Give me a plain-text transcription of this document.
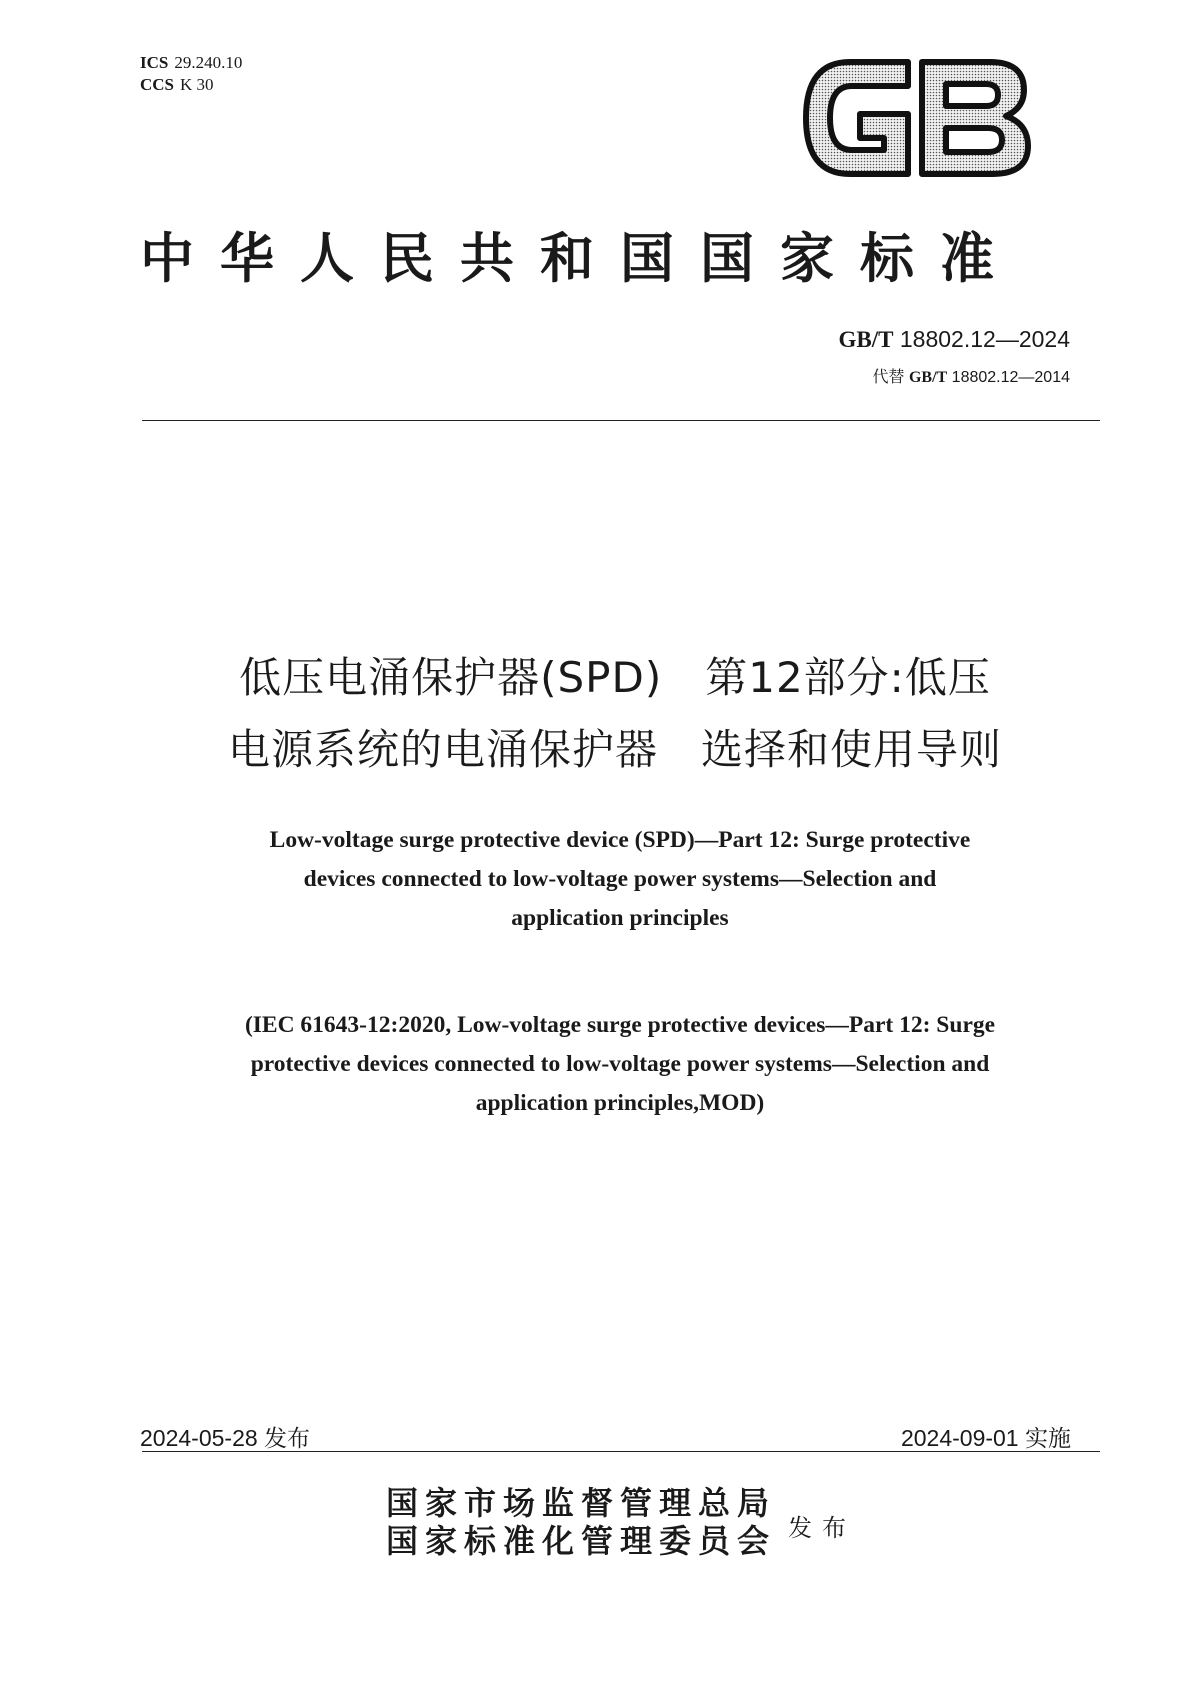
ICS 29.240.10
CCS K 30
中华人民共和国国家标准
GB/T 18802.12—2024
代替 GB/T 18802.12—2014
低压电涌保护器(SPD)　第12部分:低压
电源系统的电涌保护器　选择和使用导则
Low-voltage surge protective device (SPD)—Part 12: Surge protective
devices connected to low-voltage power systems—Selection and
application principles
(IEC 61643-12:2020, Low-voltage surge protective devices—Part 12: Surge
protective devices connected to low-voltage power systems—Selection and
application principles,MOD)
2024-05-28 发布	2024-09-01 实施
国家市场监督管理总局
国家标准化管理委员会 发布
